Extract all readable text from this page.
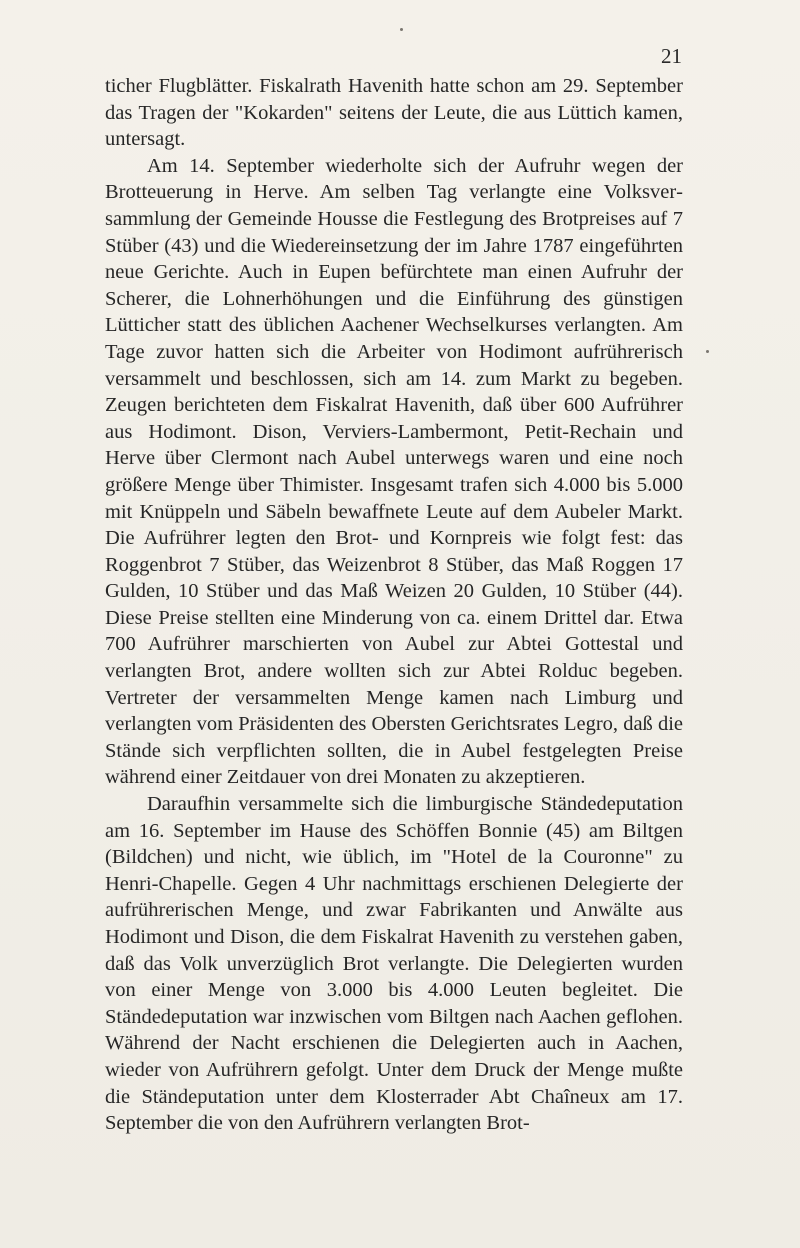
21

ticher Flugblätter. Fiskalrath Havenith hatte schon am 29. September das Tragen der "Kokarden" seitens der Leute, die aus Lüttich kamen, untersagt.

Am 14. September wiederholte sich der Aufruhr wegen der Brotteuerung in Herve. Am selben Tag verlangte eine Volksversammlung der Gemeinde Housse die Festlegung des Brotpreises auf 7 Stüber (43) und die Wiedereinsetzung der im Jahre 1787 eingeführten neue Gerichte. Auch in Eupen befürchtete man einen Aufruhr der Scherer, die Lohnerhöhungen und die Einführung des günstigen Lütticher statt des üblichen Aachener Wechselkurses verlangten. Am Tage zuvor hatten sich die Arbeiter von Hodimont aufrührerisch versammelt und beschlossen, sich am 14. zum Markt zu begeben. Zeugen berichteten dem Fiskalrat Havenith, daß über 600 Aufrührer aus Hodimont. Dison, Verviers-Lambermont, Petit-Rechain und Herve über Clermont nach Aubel unterwegs waren und eine noch größere Menge über Thimister. Insgesamt trafen sich 4.000 bis 5.000 mit Knüppeln und Säbeln bewaffnete Leute auf dem Aubeler Markt. Die Aufrührer legten den Brot- und Kornpreis wie folgt fest: das Roggenbrot 7 Stüber, das Weizenbrot 8 Stüber, das Maß Roggen 17 Gulden, 10 Stüber und das Maß Weizen 20 Gulden, 10 Stüber (44). Diese Preise stellten eine Minderung von ca. einem Drittel dar. Etwa 700 Aufrührer marschierten von Aubel zur Abtei Gottestal und verlangten Brot, andere wollten sich zur Abtei Rolduc begeben. Vertreter der versammelten Menge kamen nach Limburg und verlangten vom Präsidenten des Obersten Gerichtsrates Legro, daß die Stände sich verpflichten sollten, die in Aubel festgelegten Preise während einer Zeitdauer von drei Monaten zu akzeptieren.

Daraufhin versammelte sich die limburgische Ständedeputation am 16. September im Hause des Schöffen Bonnie (45) am Biltgen (Bildchen) und nicht, wie üblich, im "Hotel de la Couronne" zu Henri-Chapelle. Gegen 4 Uhr nachmittags erschienen Delegierte der aufrührerischen Menge, und zwar Fabrikanten und Anwälte aus Hodimont und Dison, die dem Fiskalrat Havenith zu verstehen gaben, daß das Volk unverzüglich Brot verlangte. Die Delegierten wurden von einer Menge von 3.000 bis 4.000 Leuten begleitet. Die Ständedeputation war inzwischen vom Biltgen nach Aachen geflohen. Während der Nacht erschienen die Delegierten auch in Aachen, wieder von Aufrührern gefolgt. Unter dem Druck der Menge mußte die Ständeputation unter dem Klosterrader Abt Chaîneux am 17. September die von den Aufrührern verlangten Brot-
